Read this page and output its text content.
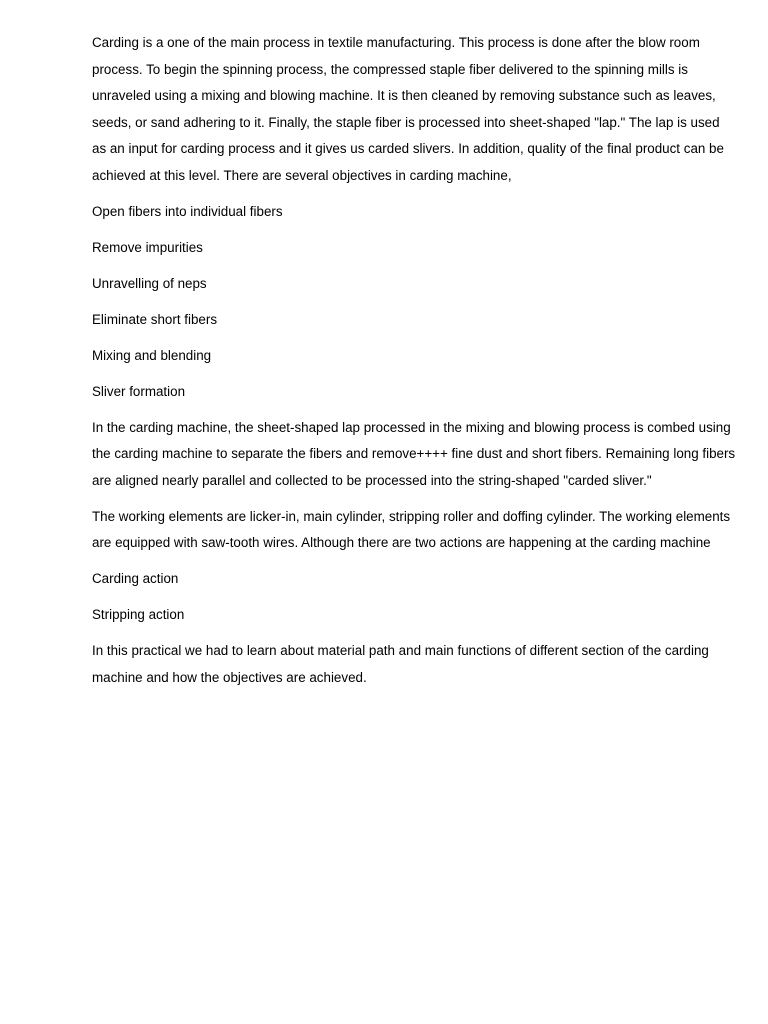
Carding is a one of the main process in textile manufacturing. This process is done after the blow room process. To begin the spinning process, the compressed staple fiber delivered to the spinning mills is unraveled using a mixing and blowing machine. It is then cleaned by removing substance such as leaves, seeds, or sand adhering to it. Finally, the staple fiber is processed into sheet-shaped "lap." The lap is used as an input for carding process and it gives us carded slivers. In addition, quality of the final product can be achieved at this level. There are several objectives in carding machine,

Open fibers into individual fibers

Remove impurities

Unravelling of neps

Eliminate short fibers

Mixing and blending

Sliver formation

In the carding machine, the sheet-shaped lap processed in the mixing and blowing process is combed using the carding machine to separate the fibers and remove++++ fine dust and short fibers. Remaining long fibers are aligned nearly parallel and collected to be processed into the string-shaped "carded sliver."

The working elements are licker-in, main cylinder, stripping roller and doffing cylinder. The working elements are equipped with saw-tooth wires. Although there are two actions are happening at the carding machine

Carding action

Stripping action

In this practical we had to learn about material path and main functions of different section of the carding machine and how the objectives are achieved.
